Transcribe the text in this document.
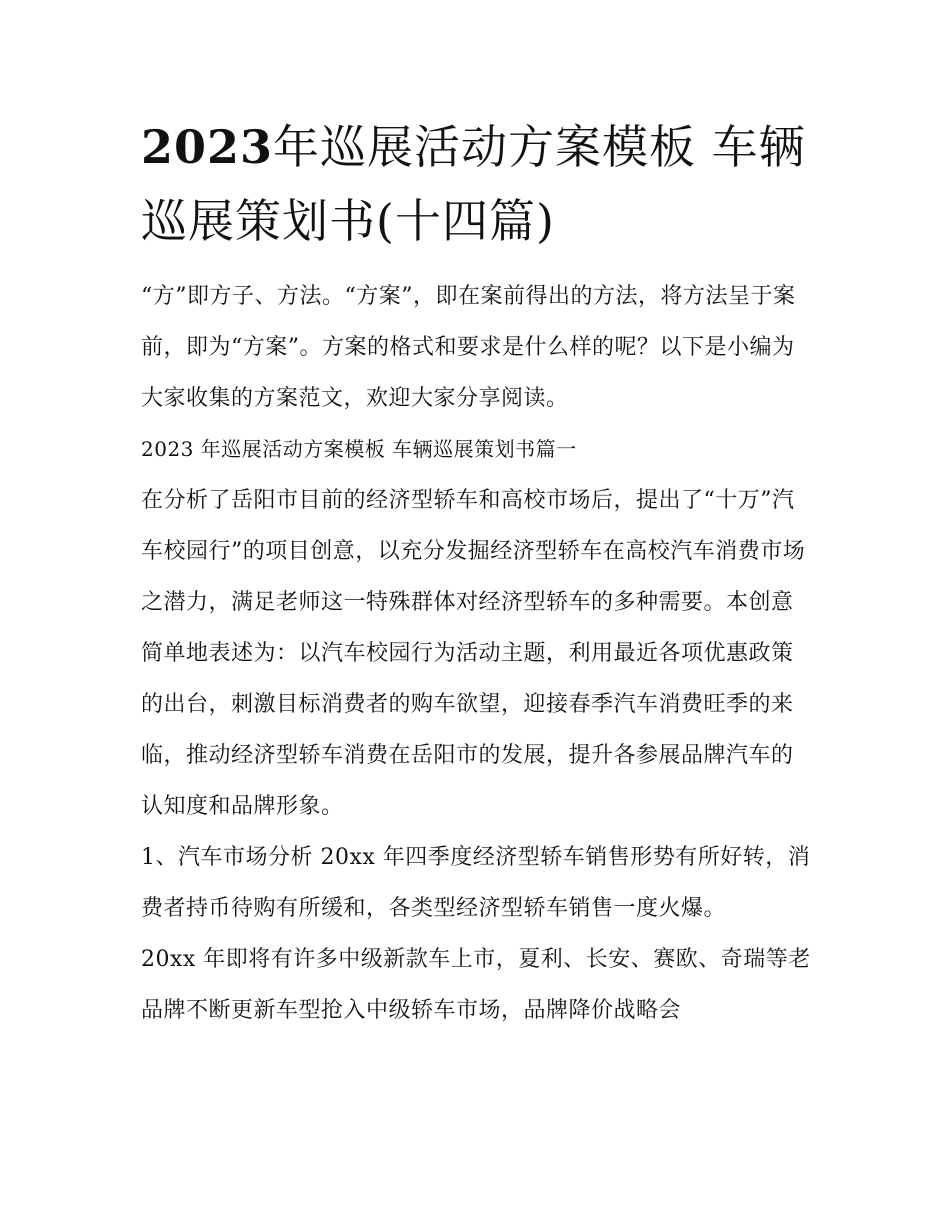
2023年巡展活动方案模板 车辆巡展策划书(十四篇)

“方”即方子、方法。“方案”，即在案前得出的方法，将方法呈于案前，即为“方案”。方案的格式和要求是什么样的呢？以下是小编为大家收集的方案范文，欢迎大家分享阅读。

2023 年巡展活动方案模板 车辆巡展策划书篇一

在分析了岳阳市目前的经济型轿车和高校市场后，提出了“十万”汽车校园行”的项目创意，以充分发掘经济型轿车在高校汽车消费市场之潜力，满足老师这一特殊群体对经济型轿车的多种需要。本创意简单地表述为：以汽车校园行为活动主题，利用最近各项优惠政策的出台，刺激目标消费者的购车欲望，迎接春季汽车消费旺季的来临，推动经济型轿车消费在岳阳市的发展，提升各参展品牌汽车的认知度和品牌形象。

1、汽车市场分析 20xx 年四季度经济型轿车销售形势有所好转，消费者持币待购有所缓和，各类型经济型轿车销售一度火爆。

20xx 年即将有许多中级新款车上市，夏利、长安、赛欧、奇瑞等老品牌不断更新车型抢入中级轿车市场，品牌降价战略会
